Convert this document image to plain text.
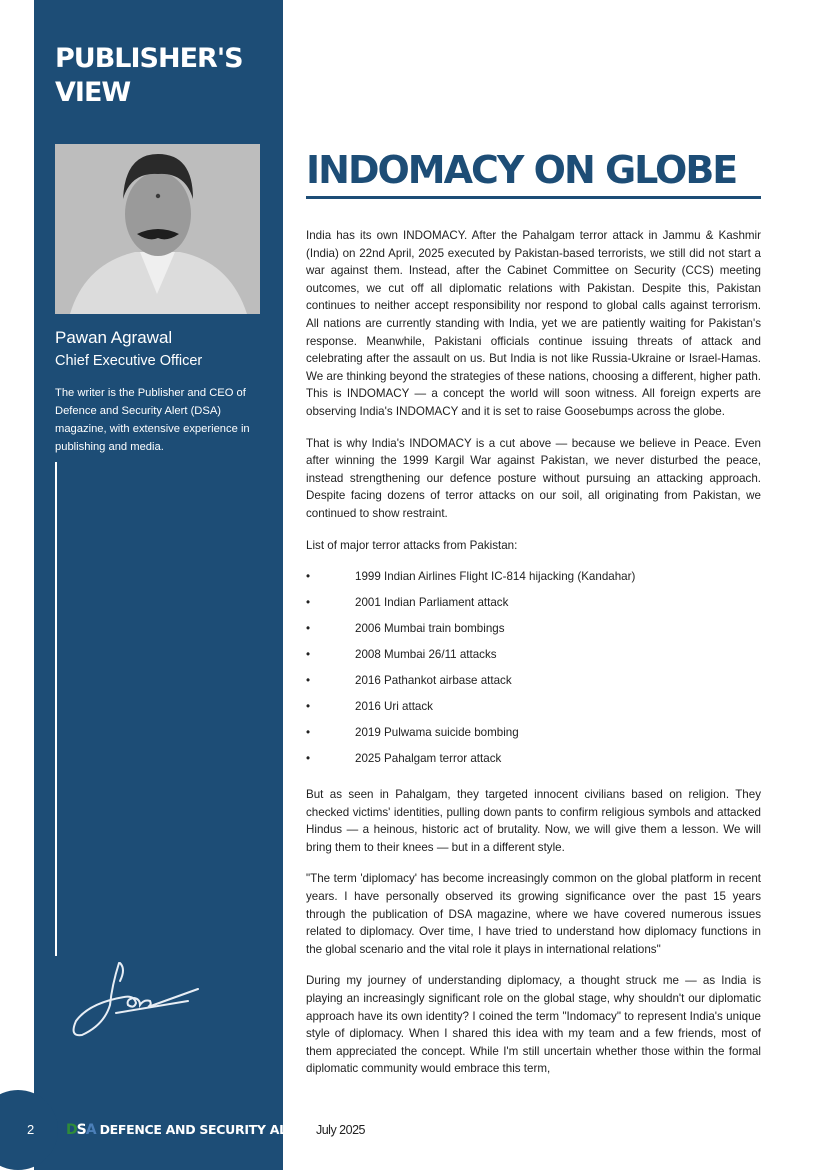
PUBLISHER'S
VIEW
Pawan Agrawal
Chief Executive Officer
The writer is the Publisher and CEO of Defence and Security Alert (DSA) magazine, with extensive experience in publishing and media.
2 D S A DEFENCE AND SECURITY ALERT July 2025
INDOMACY ON GLOBE

India has its own INDOMACY. After the Pahalgam terror attack in Jammu & Kashmir (India) on 22nd April, 2025 executed by Pakistan-based terrorists, we still did not start a war against them. Instead, after the Cabinet Committee on Security (CCS) meeting outcomes, we cut off all diplomatic relations with Pakistan. Despite this, Pakistan continues to neither accept responsibility nor respond to global calls against terrorism. All nations are currently standing with India, yet we are patiently waiting for Pakistan's response. Meanwhile, Pakistani officials continue issuing threats of attack and celebrating after the assault on us. But India is not like Russia-Ukraine or Israel-Hamas. We are thinking beyond the strategies of these nations, choosing a different, higher path. This is INDOMACY — a concept the world will soon witness. All foreign experts are observing India's INDOMACY and it is set to raise Goosebumps across the globe.

That is why India's INDOMACY is a cut above — because we believe in Peace. Even after winning the 1999 Kargil War against Pakistan, we never disturbed the peace, instead strengthening our defence posture without pursuing an attacking approach. Despite facing dozens of terror attacks on our soil, all originating from Pakistan, we continued to show restraint.

List of major terror attacks from Pakistan:

•	1999 Indian Airlines Flight IC-814 hijacking (Kandahar)
•	2001 Indian Parliament attack
•	2006 Mumbai train bombings
•	2008 Mumbai 26/11 attacks
•	2016 Pathankot airbase attack
•	2016 Uri attack
•	2019 Pulwama suicide bombing
•	2025 Pahalgam terror attack

But as seen in Pahalgam, they targeted innocent civilians based on religion. They checked victims' identities, pulling down pants to confirm religious symbols and attacked Hindus — a heinous, historic act of brutality. Now, we will give them a lesson. We will bring them to their knees — but in a different style.

"The term 'diplomacy' has become increasingly common on the global platform in recent years. I have personally observed its growing significance over the past 15 years through the publication of DSA magazine, where we have covered numerous issues related to diplomacy. Over time, I have tried to understand how diplomacy functions in the global scenario and the vital role it plays in international relations"

During my journey of understanding diplomacy, a thought struck me — as India is playing an increasingly significant role on the global stage, why shouldn't our diplomatic approach have its own identity? I coined the term "Indomacy" to represent India's unique style of diplomacy. When I shared this idea with my team and a few friends, most of them appreciated the concept. While I'm still uncertain whether those within the formal diplomatic community would embrace this term,
